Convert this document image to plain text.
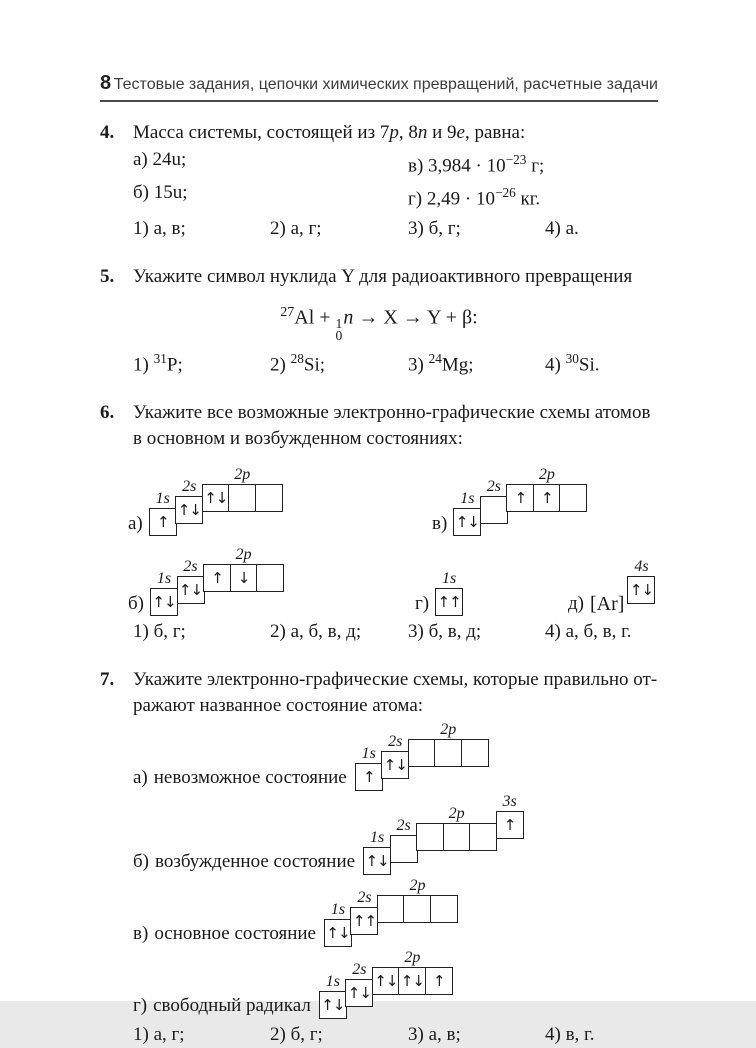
8 Тестовые задания, цепочки химических превращений, расчетные задачи
4. Масса системы, состоящей из 7p, 8n и 9e, равна:
а) 24u;	в) $3,984 \cdot 10^{-23}$ г;
б) 15u;	г) $2,49 \cdot 10^{-26}$ кг.
1) а, в;	2) а, г;	3) б, г;	4) а.
5. Укажите символ нуклида Y для радиоактивного превращения
$^{27}$Al + 1
0
n → X → Y + β:
1) $^{31}$P;	2) $^{28}$Si;	3) $^{24}$Mg;	4) $^{30}$Si.
6. Укажите все возможные электронно-графические схемы атомов
в основном и возбужденном состояниях:
а)
1s
↑
2s
↑↓
2p
↑↓
в)
1s
↑↓
2s
2p
↑ ↑
б)
1s
↑↓
2s
↑↓
2p
↑ ↓
г)
1s
↑↑	д) [Ar]
4s
↑↓
1) б, г;	2) а, б, в, д;	3) б, в, д;	4) а, б, в, г.
7. Укажите электронно-графические схемы, которые правильно от-
ражают названное состояние атома:
а) невозможное состояние
1s
↑
2s
↑↓
2p
б) возбужденное состояние
1s
↑↓
2s
2p
3s
↑
в) основное состояние
1s
↑↓
2s
↑↑
2p
г) свободный радикал
1s
↑↓
2s
↑↓
2p
↑↓ ↑↓ ↑
1) а, г;	2) б, г;	3) а, в;	4) в, г.
